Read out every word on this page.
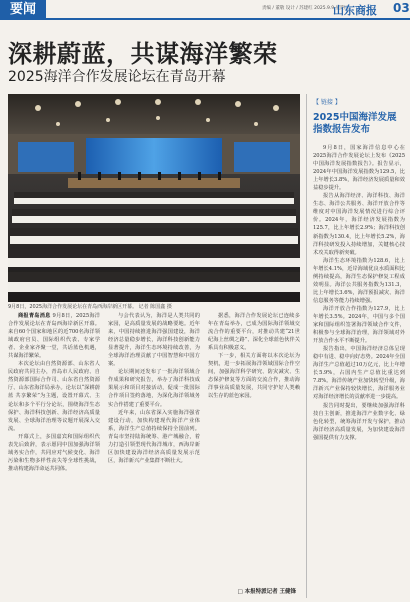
要闻	责编 / 董敬 设计 / 苏建红 2025.9.9 星期二
山东商报 03
深耕蔚蓝，共谋海洋繁荣
2025海洋合作发展论坛在青岛开幕
9月8日，2025海洋合作发展论坛在青岛西海岸新区开幕。 记者 陈国鑫 摄

商报青岛消息 9月8日，2025海洋合作发展论坛在青岛西海岸新区开幕。来自60个国家和地区的近700名海洋领域政府官员、国际组织代表、专家学者、企业家齐聚一堂，共话蓝色机遇，共谋海洋繁荣。

本次论坛由自然资源部、山东省人民政府共同主办，青岛市人民政府、自然资源部国际合作司、山东省自然资源厅、山东省海洋局承办。论坛以“深耕蔚蓝 共享繁荣”为主题，设置开幕式、主论坛和多个平行分论坛，围绕海洋生态保护、海洋科技创新、海洋经济高质量发展、全球海洋治理等议题开展深入交流。

开幕式上，多国嘉宾和国际组织代表先后致辞，表示愿同中国加强海洋领域务实合作，共同应对气候变化、海洋污染和生物多样性丧失等全球性挑战，推动构建海洋命运共同体。

与会代表认为，海洋是人类共同的家园，是高质量发展的战略要地。近年来，中国持续推进海洋强国建设，海洋经济总量稳步增长，海洋科技创新能力显著提升，海洋生态环境持续改善，为全球海洋治理贡献了中国智慧和中国方案。

论坛期间还发布了一批海洋领域合作成果和研究报告，举办了海洋科技成果展示和项目对接活动，促成一批国际合作项目签约落地，为深化海洋领域务实合作搭建了重要平台。

近年来，山东省深入实施海洋强省建设行动，加快构建现代海洋产业体系，海洋生产总值持续保持全国前列。青岛市坚持陆海统筹、港产城融合，着力打造引领型现代海洋城市，西海岸新区加快建设海洋经济高质量发展示范区，海洋新兴产业集群不断壮大。

据悉，海洋合作发展论坛已连续多年在青岛举办，已成为国际海洋领域交流合作的重要平台，对推动共建“21世纪海上丝绸之路”、深化全球蓝色伙伴关系具有积极意义。

下一步，相关方面将以本次论坛为契机，进一步拓展海洋领域国际合作空间，加强海洋科学研究、防灾减灾、生态保护修复等方面的交流合作，推动海洋事业高质量发展，共同守护好人类赖以生存的蓝色家园。

□ 本报特派记者 王健锋
【 链接 】
2025中国海洋发展指数报告发布

9月8日，国家海洋信息中心在2025海洋合作发展论坛上发布《2025中国海洋发展指数报告》。报告显示，2024年中国海洋发展指数为129.5，比上年增长3.8%，海洋经济发展质量和效益稳步提升。

报告从海洋经济、海洋科技、海洋生态、海洋公共服务、海洋开放合作等维度对中国海洋发展情况进行综合评价。2024年，海洋经济发展指数为125.7，比上年增长2.9%；海洋科技创新指数为130.4，比上年增长5.2%，海洋科技研发投入持续增加，关键核心技术攻关取得新突破。

海洋生态环境指数为128.6，比上年增长4.1%，近岸海域优良水质面积比例持续提高，海洋生态保护修复工程成效明显。海洋公共服务指数为131.3，比上年增长3.6%，海洋预报减灾、海洋信息服务等能力持续增强。

海洋开放合作指数为127.9，比上年增长3.5%。2024年，中国与多个国家和国际组织签署海洋领域合作文件，积极参与全球海洋治理，海洋领域对外开放合作水平不断提升。

报告指出，中国海洋经济总体呈现稳中有进、稳中向好态势。2024年全国海洋生产总值超过10万亿元，比上年增长5.9%，占国内生产总值比重达到7.8%。海洋传统产业加快转型升级，海洋新兴产业保持较快增长，海洋服务业对海洋经济增长的贡献率进一步提高。

报告同时提出，要继续加强海洋科技自主创新，推进海洋产业数字化、绿色化转型，统筹海洋开发与保护，推动海洋经济高质量发展，为加快建设海洋强国提供有力支撑。
